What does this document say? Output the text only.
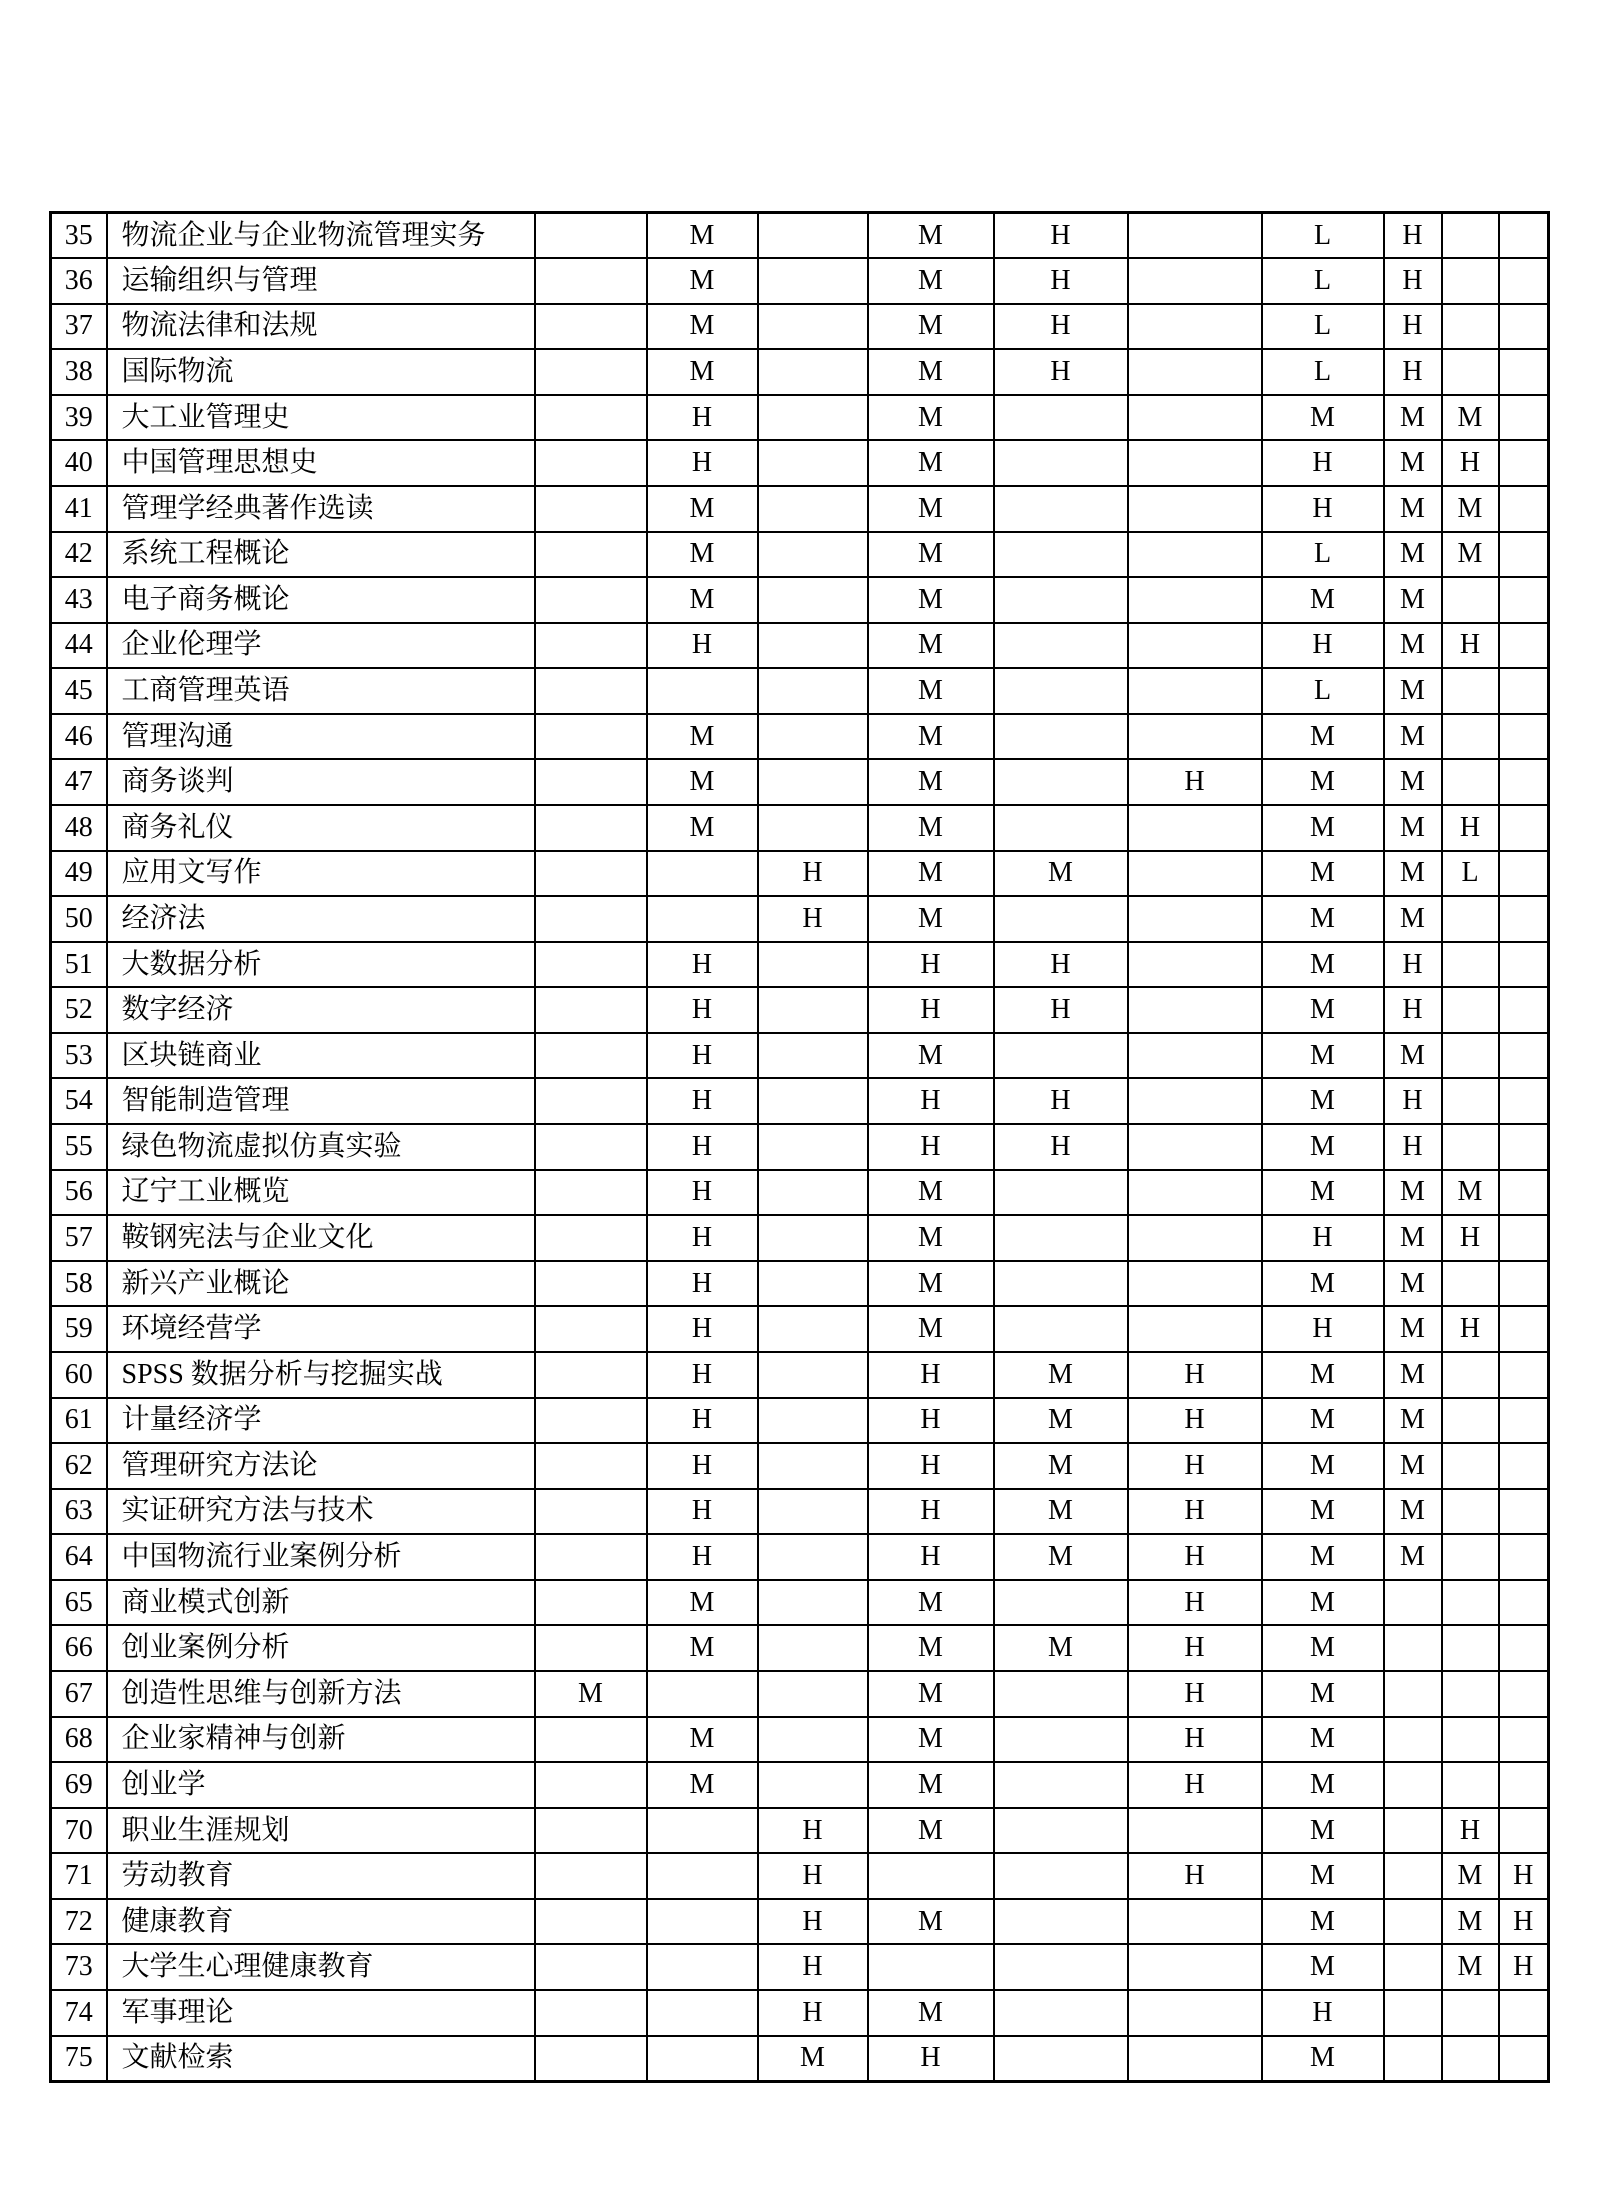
35	物流企业与企业物流管理实务		M		M	H		L	H		
36	运输组织与管理		M		M	H		L	H		
37	物流法律和法规		M		M	H		L	H		
38	国际物流		M		M	H		L	H		
39	大工业管理史		H		M			M	M	M	
40	中国管理思想史		H		M			H	M	H	
41	管理学经典著作选读		M		M			H	M	M	
42	系统工程概论		M		M			L	M	M	
43	电子商务概论		M		M			M	M		
44	企业伦理学		H		M			H	M	H	
45	工商管理英语				M			L	M		
46	管理沟通		M		M			M	M		
47	商务谈判		M		M		H	M	M		
48	商务礼仪		M		M			M	M	H	
49	应用文写作			H	M	M		M	M	L	
50	经济法			H	M			M	M		
51	大数据分析		H		H	H		M	H		
52	数字经济		H		H	H		M	H		
53	区块链商业		H		M			M	M		
54	智能制造管理		H		H	H		M	H		
55	绿色物流虚拟仿真实验		H		H	H		M	H		
56	辽宁工业概览		H		M			M	M	M	
57	鞍钢宪法与企业文化		H		M			H	M	H	
58	新兴产业概论		H		M			M	M		
59	环境经营学		H		M			H	M	H	
60	SPSS 数据分析与挖掘实战		H		H	M	H	M	M		
61	计量经济学		H		H	M	H	M	M		
62	管理研究方法论		H		H	M	H	M	M		
63	实证研究方法与技术		H		H	M	H	M	M		
64	中国物流行业案例分析		H		H	M	H	M	M		
65	商业模式创新		M		M		H	M			
66	创业案例分析		M		M	M	H	M			
67	创造性思维与创新方法	M			M		H	M			
68	企业家精神与创新		M		M		H	M			
69	创业学		M		M		H	M			
70	职业生涯规划			H	M			M		H	
71	劳动教育			H			H	M		M	H
72	健康教育			H	M			M		M	H
73	大学生心理健康教育			H				M		M	H
74	军事理论			H	M			H			
75	文献检索			M	H			M			
